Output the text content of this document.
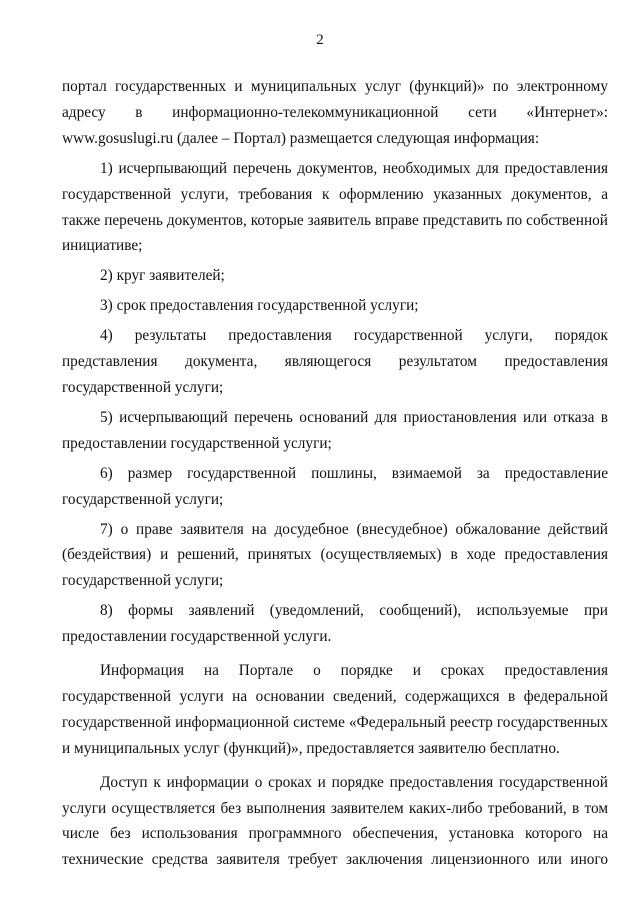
2

портал государственных и муниципальных услуг (функций)» по электронному адресу в информационно-телекоммуникационной сети «Интернет»: www.gosuslugi.ru (далее – Портал) размещается следующая информация:

1) исчерпывающий перечень документов, необходимых для предоставления государственной услуги, требования к оформлению указанных документов, а также перечень документов, которые заявитель вправе представить по собственной инициативе;

2) круг заявителей;

3) срок предоставления государственной услуги;

4) результаты предоставления государственной услуги, порядок представления документа, являющегося результатом предоставления государственной услуги;

5) исчерпывающий перечень оснований для приостановления или отказа в предоставлении государственной услуги;

6) размер государственной пошлины, взимаемой за предоставление государственной услуги;

7) о праве заявителя на досудебное (внесудебное) обжалование действий (бездействия) и решений, принятых (осуществляемых) в ходе предоставления государственной услуги;

8) формы заявлений (уведомлений, сообщений), используемые при предоставлении государственной услуги.

Информация на Портале о порядке и сроках предоставления государственной услуги на основании сведений, содержащихся в федеральной государственной информационной системе «Федеральный реестр государственных и муниципальных услуг (функций)», предоставляется заявителю бесплатно.

Доступ к информации о сроках и порядке предоставления государственной услуги осуществляется без выполнения заявителем каких-либо требований, в том числе без использования программного обеспечения, установка которого на технические средства заявителя требует заключения лицензионного или иного
